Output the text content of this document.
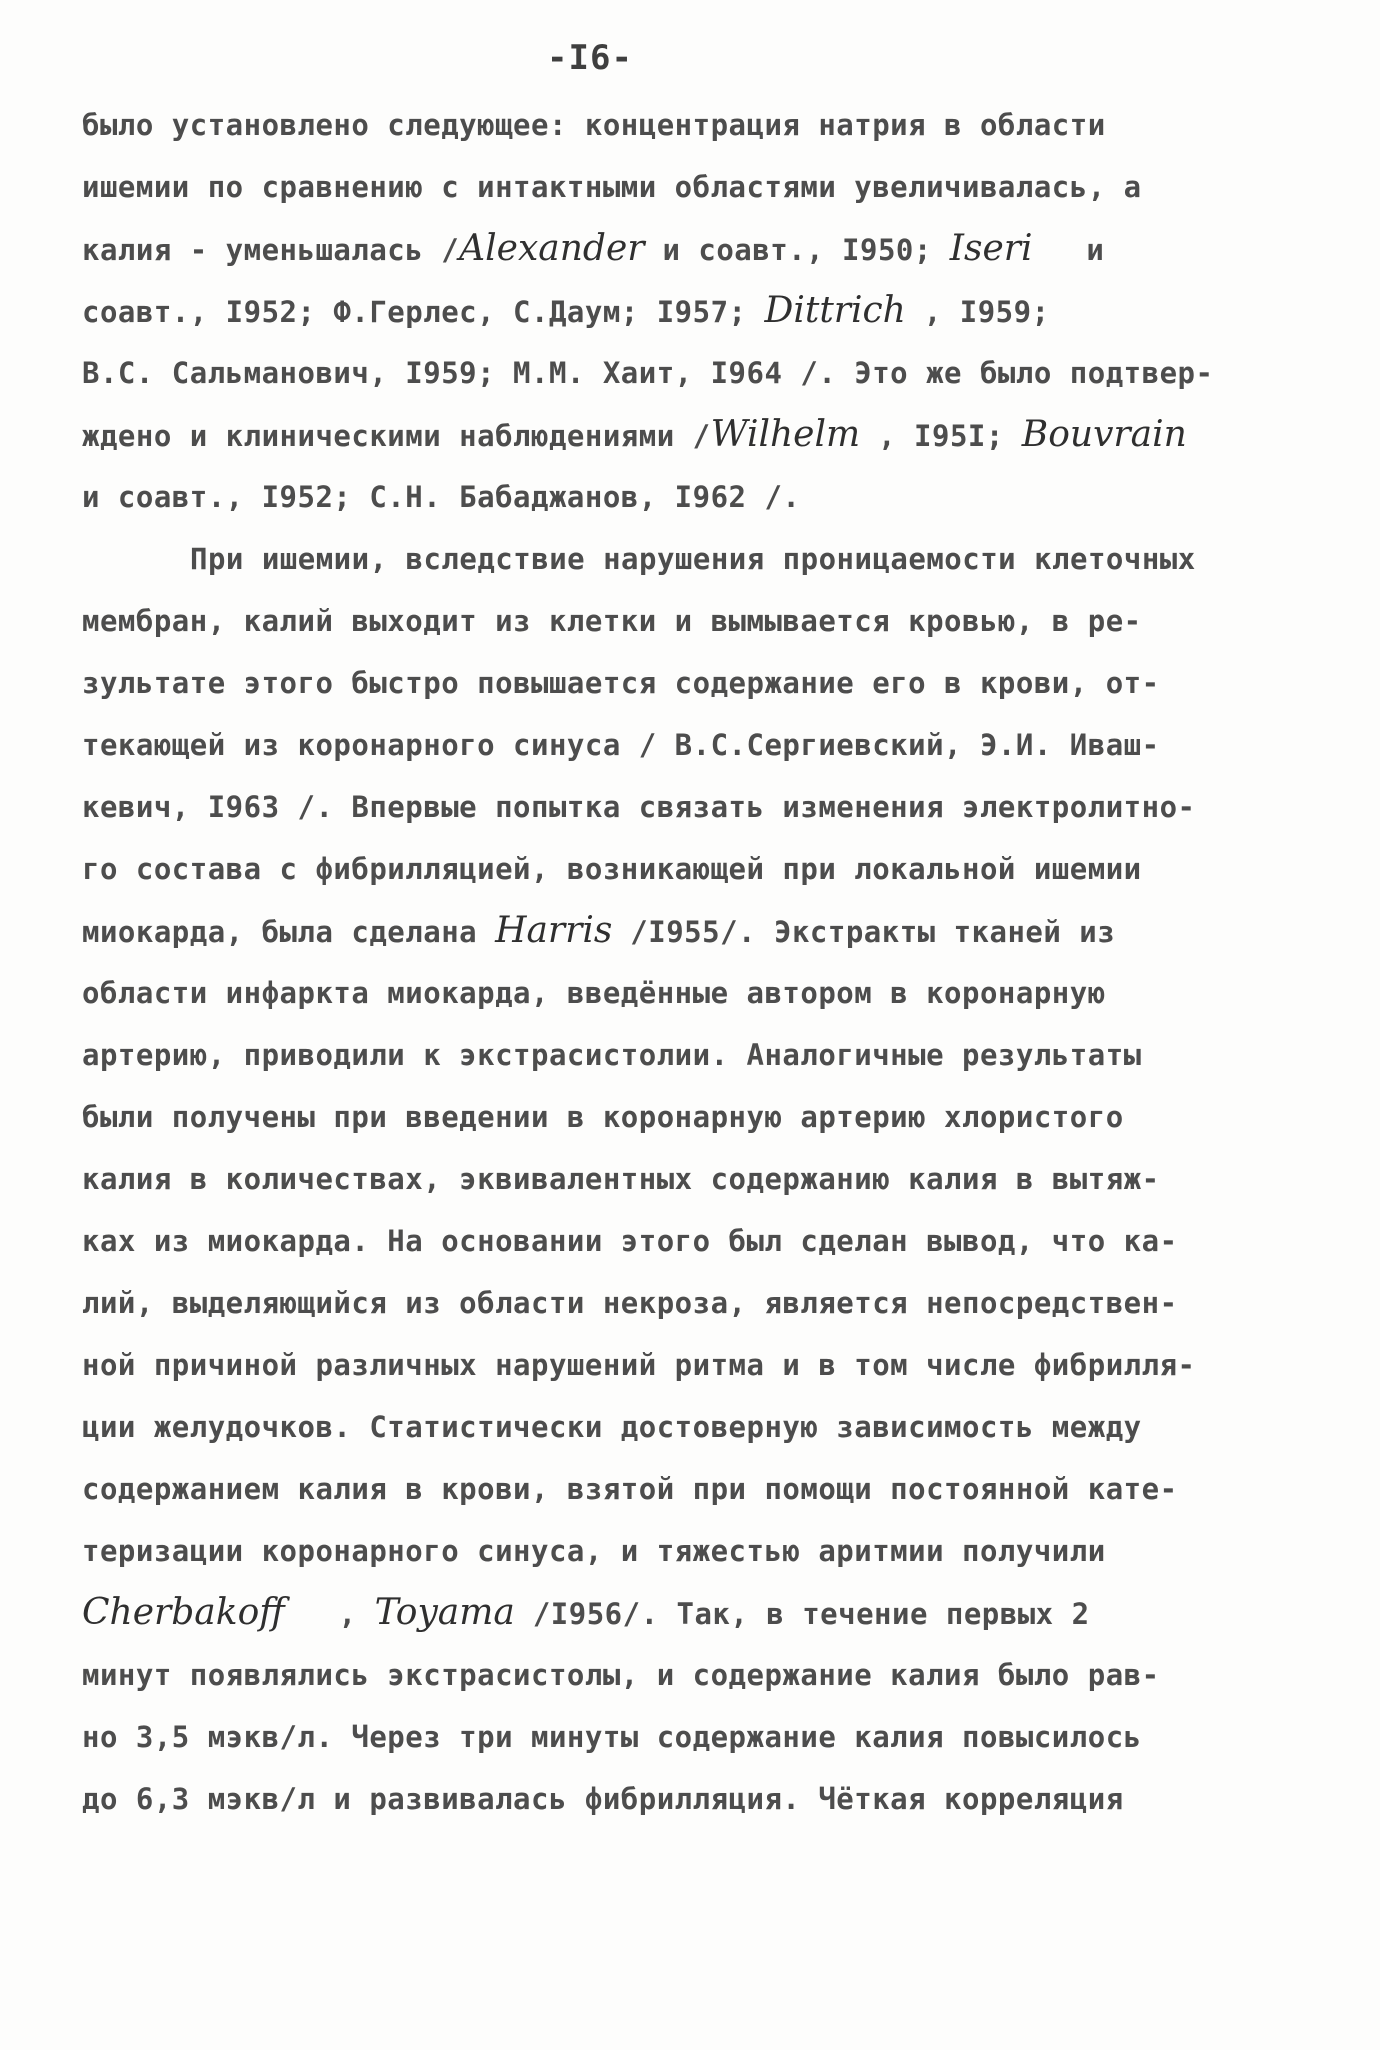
-I6-
было установлено следующее: концентрация натрия в области
ишемии по сравнению с интактными областями увеличивалась, а
калия - уменьшалась /Alexander и соавт., I950; Iseri   и
соавт., I952; Ф.Герлес, С.Даум; I957; Dittrich , I959;
В.С. Сальманович, I959; М.М. Хаит, I964 /. Это же было подтвер-
ждено и клиническими наблюдениями /Wilhelm , I95I; Bouvrain
и соавт., I952; С.Н. Бабаджанов, I962 /.
При ишемии, вследствие нарушения проницаемости клеточных
мембран, калий выходит из клетки и вымывается кровью, в ре-
зультате этого быстро повышается содержание его в крови, от-
текающей из коронарного синуса / В.С.Сергиевский, Э.И. Ивaш-
кевич, I963 /. Впервые попытка связать изменения электролитно-
го состава с фибрилляцией, возникающей при локальной ишемии
миокарда, была сделана Harris /I955/. Экстракты тканей из
области инфаркта миокарда, введённые автором в коронарную
артерию, приводили к экстрасистолии. Аналогичные результаты
были получены при введении в коронарную артерию хлористого
калия в количествах, эквивалентных содержанию калия в вытяж-
ках из миокарда. На основании этого был сделан вывод, что ка-
лий, выделяющийся из области некроза, является непосредствен-
ной причиной различных нарушений ритма и в том числе фибрилля-
ции желудочков. Статистически достоверную зависимость между
содержанием калия в крови, взятой при помощи постоянной кате-
теризации коронарного синуса, и тяжестью аритмии получили
Cherbakoff   , Toyama /I956/. Так, в течение первых 2
минут появлялись экстрасистолы, и содержание калия было рав-
но 3,5 мэкв/л. Через три минуты содержание калия повысилось
до 6,3 мэкв/л и развивалась фибрилляция. Чёткая корреляция
